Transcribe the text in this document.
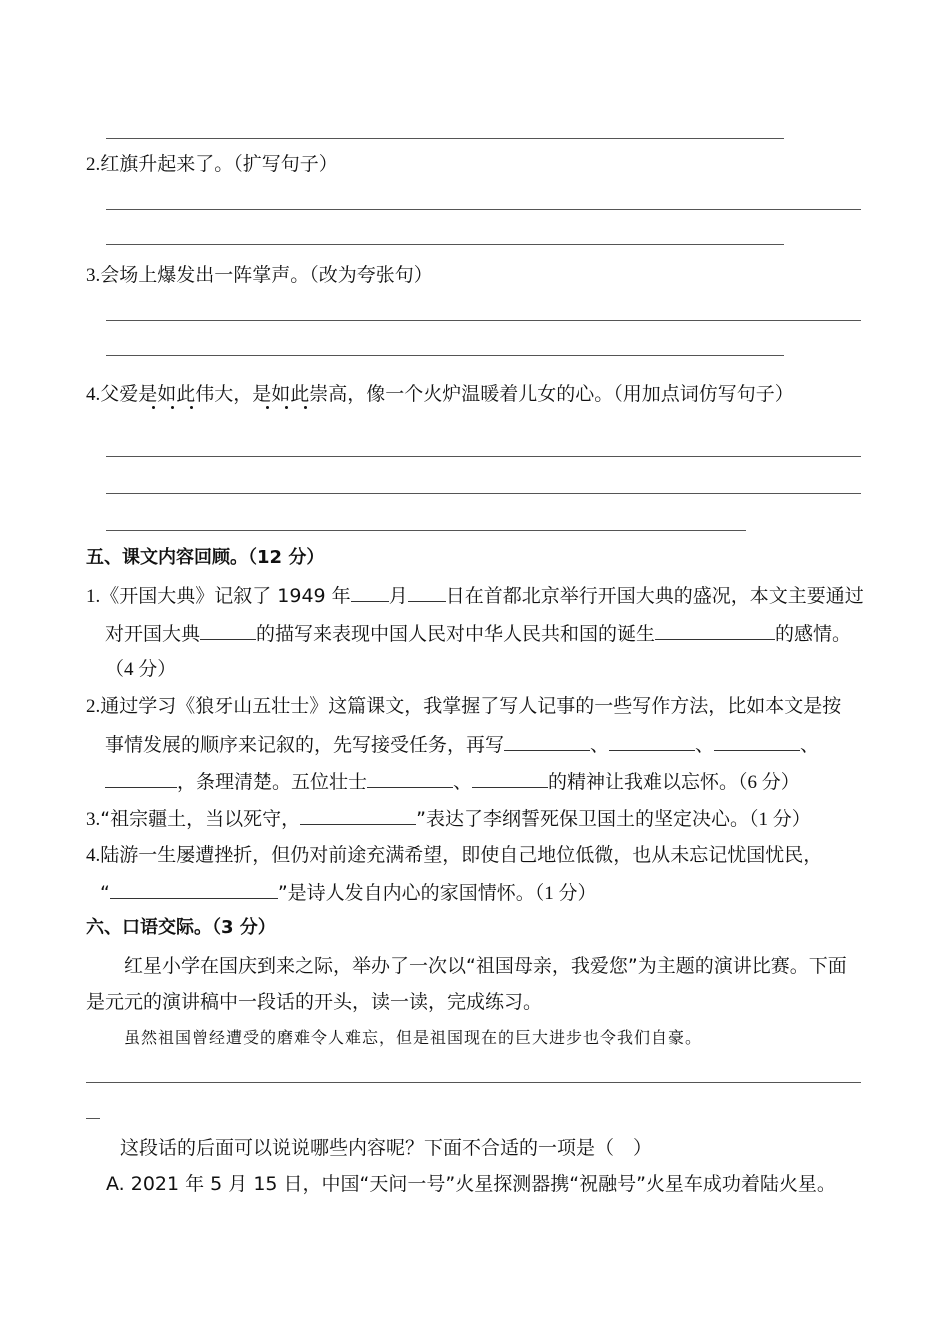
2.红旗升起来了。（扩写句子）
3.会场上爆发出一阵掌声。（改为夸张句）
4.父爱是如此伟大，是如此崇高，像一个火炉温暖着儿女的心。（用加点词仿写句子）
五、课文内容回顾。（12 分）
1.《开国大典》记叙了 1949 年 月 日在首都北京举行开国大典的盛况，本文主要通过
对开国大典	的描写来表现中国人民对中华人民共和国的诞生	的感情。
（4 分）
2.通过学习《狼牙山五壮士》这篇课文，我掌握了写人记事的一些写作方法，比如本文是按
事情发展的顺序来记叙的，先写接受任务，再写	、	、	、
，条理清楚。五位壮士	、	的精神让我难以忘怀。（6 分）
3.“祖宗疆土，当以死守，	”表达了李纲誓死保卫国土的坚定决心。（1 分）
4.陆游一生屡遭挫折，但仍对前途充满希望，即使自己地位低微，也从未忘记忧国忧民，
“	”是诗人发自内心的家国情怀。（1 分）
六、口语交际。（3 分）
红星小学在国庆到来之际，举办了一次以“祖国母亲，我爱您”为主题的演讲比赛。下面
是元元的演讲稿中一段话的开头，读一读，完成练习。
虽然祖国曾经遭受的磨难令人难忘，但是祖国现在的巨大进步也令我们自豪。
这段话的后面可以说说哪些内容呢？下面不合适的一项是（　）
A. 2021 年 5 月 15 日，中国“天问一号”火星探测器携“祝融号”火星车成功着陆火星。
